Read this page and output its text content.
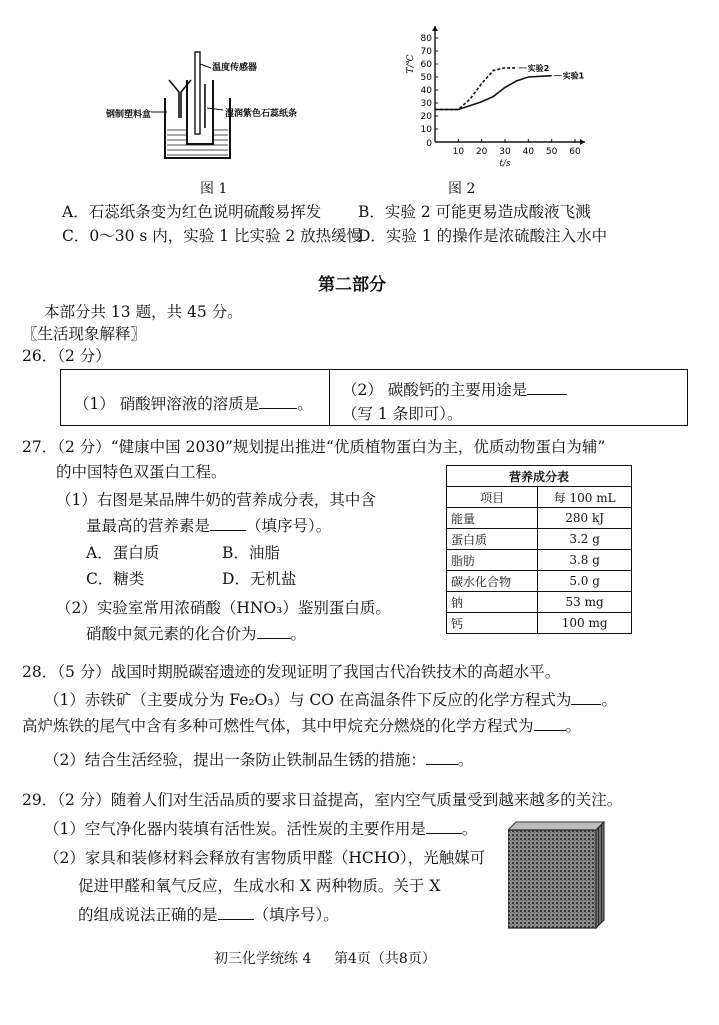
温度传感器
钢制塑料盒	湿润紫色石蕊纸条
图 1
10 20 30 40 50 60
10
20
30
40
50
60
70
80
0
t/s
T/℃	实验2
实验1
图 2
A．石蕊纸条变为红色说明硫酸易挥发 B．实验 2 可能更易造成酸液飞溅
C．0～30 s 内，实验 1 比实验 2 放热缓慢
D．实验 1 的操作是浓硫酸注入水中
第二部分
本部分共 13 题，共 45 分。
〖生活现象解释〗
26．（2 分）
（1） 硝酸钾溶液的溶质是 。
（2） 碳酸钙的主要用途是
（写 1 条即可）。
27．（2 分）“健康中国 2030”规划提出推进“优质植物蛋白为主，优质动物蛋白为辅”
的中国特色双蛋白工程。
（1）右图是某品牌牛奶的营养成分表，其中含
量最高的营养素是 （填序号）。
A．蛋白质	B．油脂
C．糖类	D．无机盐
（2）实验室常用浓硝酸（HNO₃）鉴别蛋白质。
硝酸中氮元素的化合价为 。
营养成分表	
项目	每 100 mL
能量	280 kJ
蛋白质	3.2 g
脂肪	3.8 g
碳水化合物	5.0 g
钠	53 mg
钙	100 mg
28．（5 分）战国时期脱碳窑遗迹的发现证明了我国古代冶铁技术的高超水平。
（1）赤铁矿（主要成分为 Fe₂O₃）与 CO 在高温条件下反应的化学方程式为 。
高炉炼铁的尾气中含有多种可燃性气体，其中甲烷充分燃烧的化学方程式为 。
（2）结合生活经验，提出一条防止铁制品生锈的措施： 。
29．（2 分）随着人们对生活品质的要求日益提高，室内空气质量受到越来越多的关注。
（1）空气净化器内装填有活性炭。活性炭的主要作用是 。
（2）家具和装修材料会释放有害物质甲醛（HCHO），光触媒可
促进甲醛和氧气反应，生成水和 X 两种物质。关于 X
的组成说法正确的是 （填序号）。
初三化学统练 4 第4页（共8页）
